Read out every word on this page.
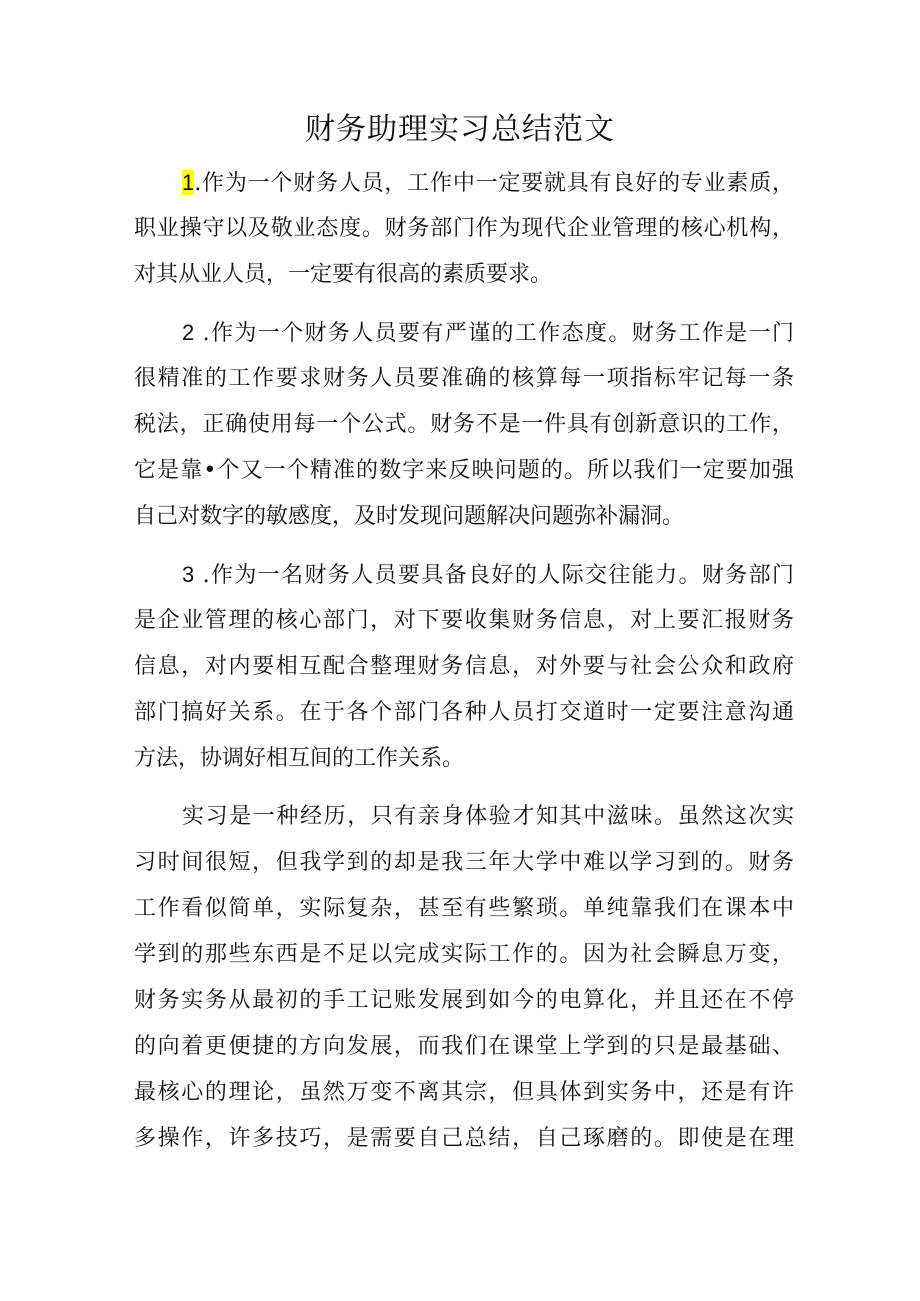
财务助理实习总结范文
1.作为一个财务人员，工作中一定要就具有良好的专业素质，
职业操守以及敬业态度。财务部门作为现代企业管理的核心机构，
对其从业人员，一定要有很高的素质要求。
2 .作为一个财务人员要有严谨的工作态度。财务工作是一门
很精准的工作要求财务人员要准确的核算每一项指标牢记每一条
税法，正确使用每一个公式。财务不是一件具有创新意识的工作，
它是靠•个又一个精准的数字来反映问题的。所以我们一定要加强
自己对数字的敏感度，及时发现问题解决问题弥补漏洞。
3 .作为一名财务人员要具备良好的人际交往能力。财务部门
是企业管理的核心部门，对下要收集财务信息，对上要汇报财务
信息，对内要相互配合整理财务信息，对外要与社会公众和政府
部门搞好关系。在于各个部门各种人员打交道时一定要注意沟通
方法，协调好相互间的工作关系。
实习是一种经历，只有亲身体验才知其中滋味。虽然这次实
习时间很短，但我学到的却是我三年大学中难以学习到的。财务
工作看似简单，实际复杂，甚至有些繁琐。单纯靠我们在课本中
学到的那些东西是不足以完成实际工作的。因为社会瞬息万变，
财务实务从最初的手工记账发展到如今的电算化，并且还在不停
的向着更便捷的方向发展，而我们在课堂上学到的只是最基础、
最核心的理论，虽然万变不离其宗，但具体到实务中，还是有许
多操作，许多技巧，是需要自己总结，自己琢磨的。即使是在理
